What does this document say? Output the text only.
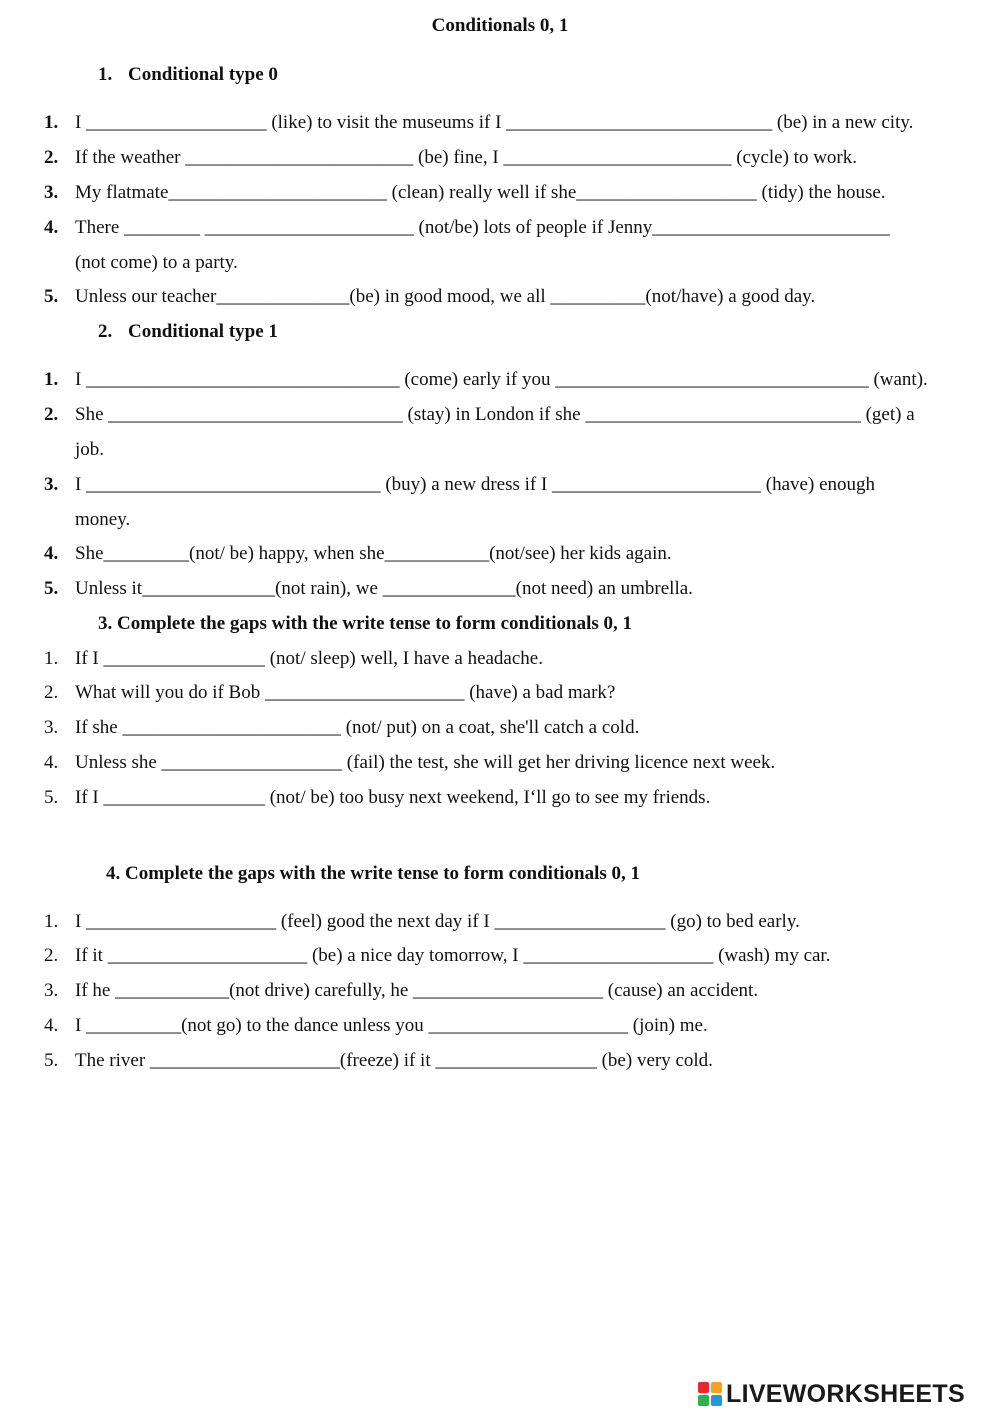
Conditionals 0, 1
1. Conditional type 0
1. I ___________________ (like) to visit the museums if I ____________________________ (be) in a new city.
2. If the weather ________________________ (be) fine, I ________________________ (cycle) to work.
3. My flatmate_______________________ (clean) really well if she___________________ (tidy) the house.
4. There ________ ______________________ (not/be) lots of people if Jenny_________________________
(not come) to a party.
5. Unless our teacher______________(be) in good mood, we all __________(not/have) a good day.
2. Conditional type 1
1. I _________________________________ (come) early if you _________________________________ (want).
2. She _______________________________ (stay) in London if she _____________________________ (get) a
job.
3. I _______________________________ (buy) a new dress if I ______________________ (have) enough
money.
4. She_________(not/ be) happy, when she___________(not/see) her kids again.
5. Unless it______________(not rain), we ______________(not need) an umbrella.
3. Complete the gaps with the write tense to form conditionals 0, 1
1. If I _________________ (not/ sleep) well, I have a headache.
2. What will you do if Bob _____________________ (have) a bad mark?
3. If she _______________________ (not/ put) on a coat, she'll catch a cold.
4. Unless she ___________________ (fail) the test, she will get her driving licence next week.
5. If I _________________ (not/ be) too busy next weekend, I‘ll go to see my friends.
4. Complete the gaps with the write tense to form conditionals 0, 1
1. I ____________________ (feel) good the next day if I __________________ (go) to bed early.
2. If it _____________________ (be) a nice day tomorrow, I ____________________ (wash) my car.
3. If he ____________(not drive) carefully, he ____________________ (cause) an accident.
4. I __________(not go) to the dance unless you _____________________ (join) me.
5. The river ____________________(freeze) if it _________________ (be) very cold.
LIVEWORKSHEETS
